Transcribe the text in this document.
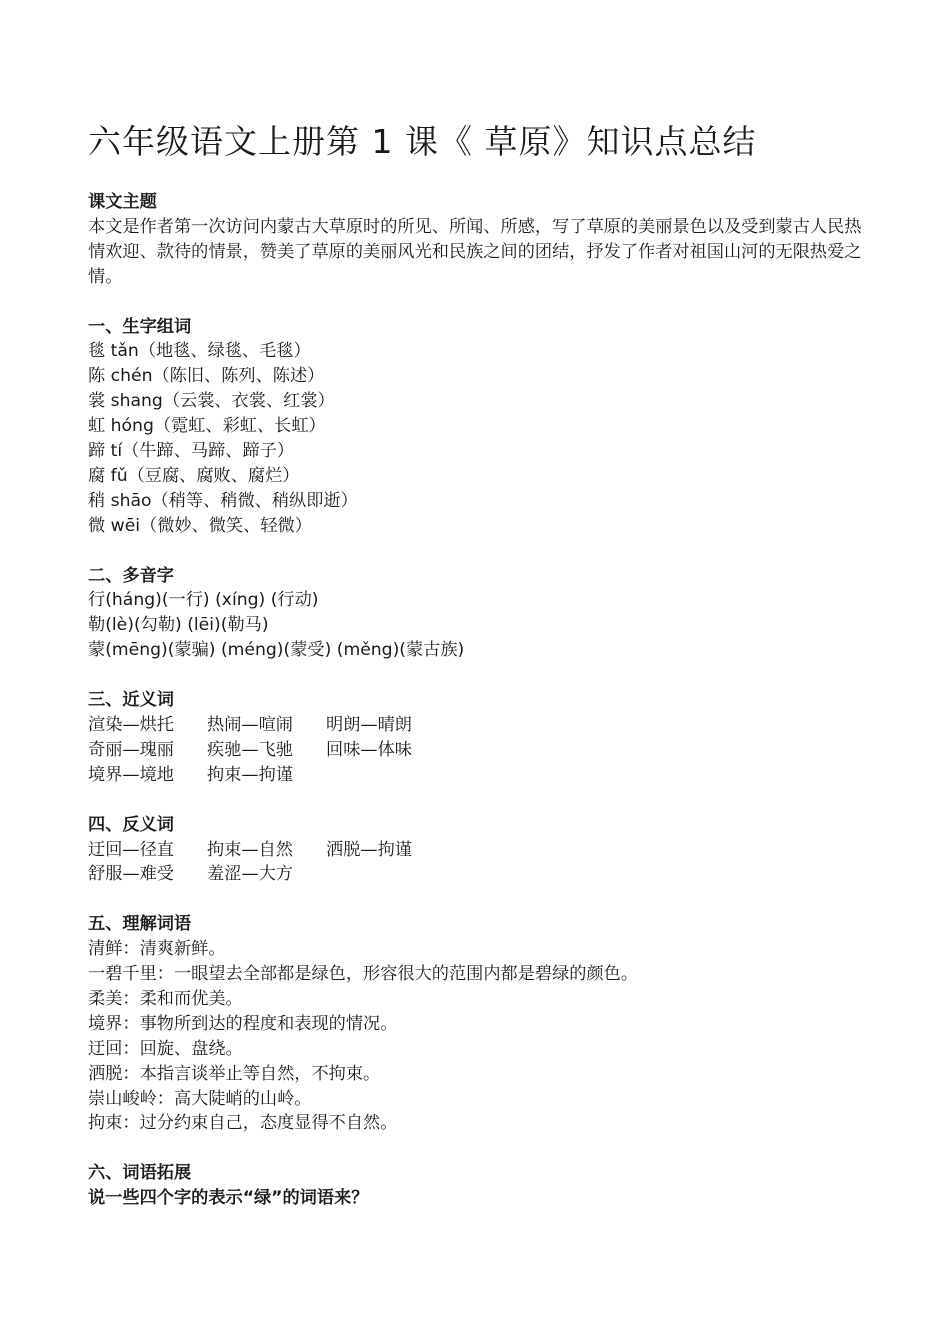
六年级语文上册第 1 课《 草原》知识点总结

课文主题

本文是作者第一次访问内蒙古大草原时的所见、所闻、所感，写了草原的美丽景色以及受到蒙古人民热情欢迎、款待的情景，赞美了草原的美丽风光和民族之间的团结，抒发了作者对祖国山河的无限热爱之情。

一、生字组词

毯 tǎn（地毯、绿毯、毛毯）

陈 chén（陈旧、陈列、陈述）

裳 shang（云裳、衣裳、红裳）

虹 hóng（霓虹、彩虹、长虹）

蹄 tí（牛蹄、马蹄、蹄子）

腐 fǔ（豆腐、腐败、腐烂）

稍 shāo（稍等、稍微、稍纵即逝）

微 wēi（微妙、微笑、轻微）

二、多音字

行(háng)(一行) (xíng) (行动)

勒(lè)(勾勒) (lēi)(勒马)

蒙(mēng)(蒙骗) (méng)(蒙受) (měng)(蒙古族)

三、近义词

渲染—烘托 热闹—喧闹 明朗—晴朗

奇丽—瑰丽 疾驰—飞驰 回味—体味

境界—境地 拘束—拘谨

四、反义词

迂回—径直 拘束—自然 洒脱—拘谨

舒服—难受 羞涩—大方

五、理解词语

清鲜：清爽新鲜。

一碧千里：一眼望去全部都是绿色，形容很大的范围内都是碧绿的颜色。

柔美：柔和而优美。

境界：事物所到达的程度和表现的情况。

迂回：回旋、盘绕。

洒脱：本指言谈举止等自然，不拘束。

崇山峻岭：高大陡峭的山岭。

拘束：过分约束自己，态度显得不自然。

六、词语拓展

说一些四个字的表示“绿”的词语来？
